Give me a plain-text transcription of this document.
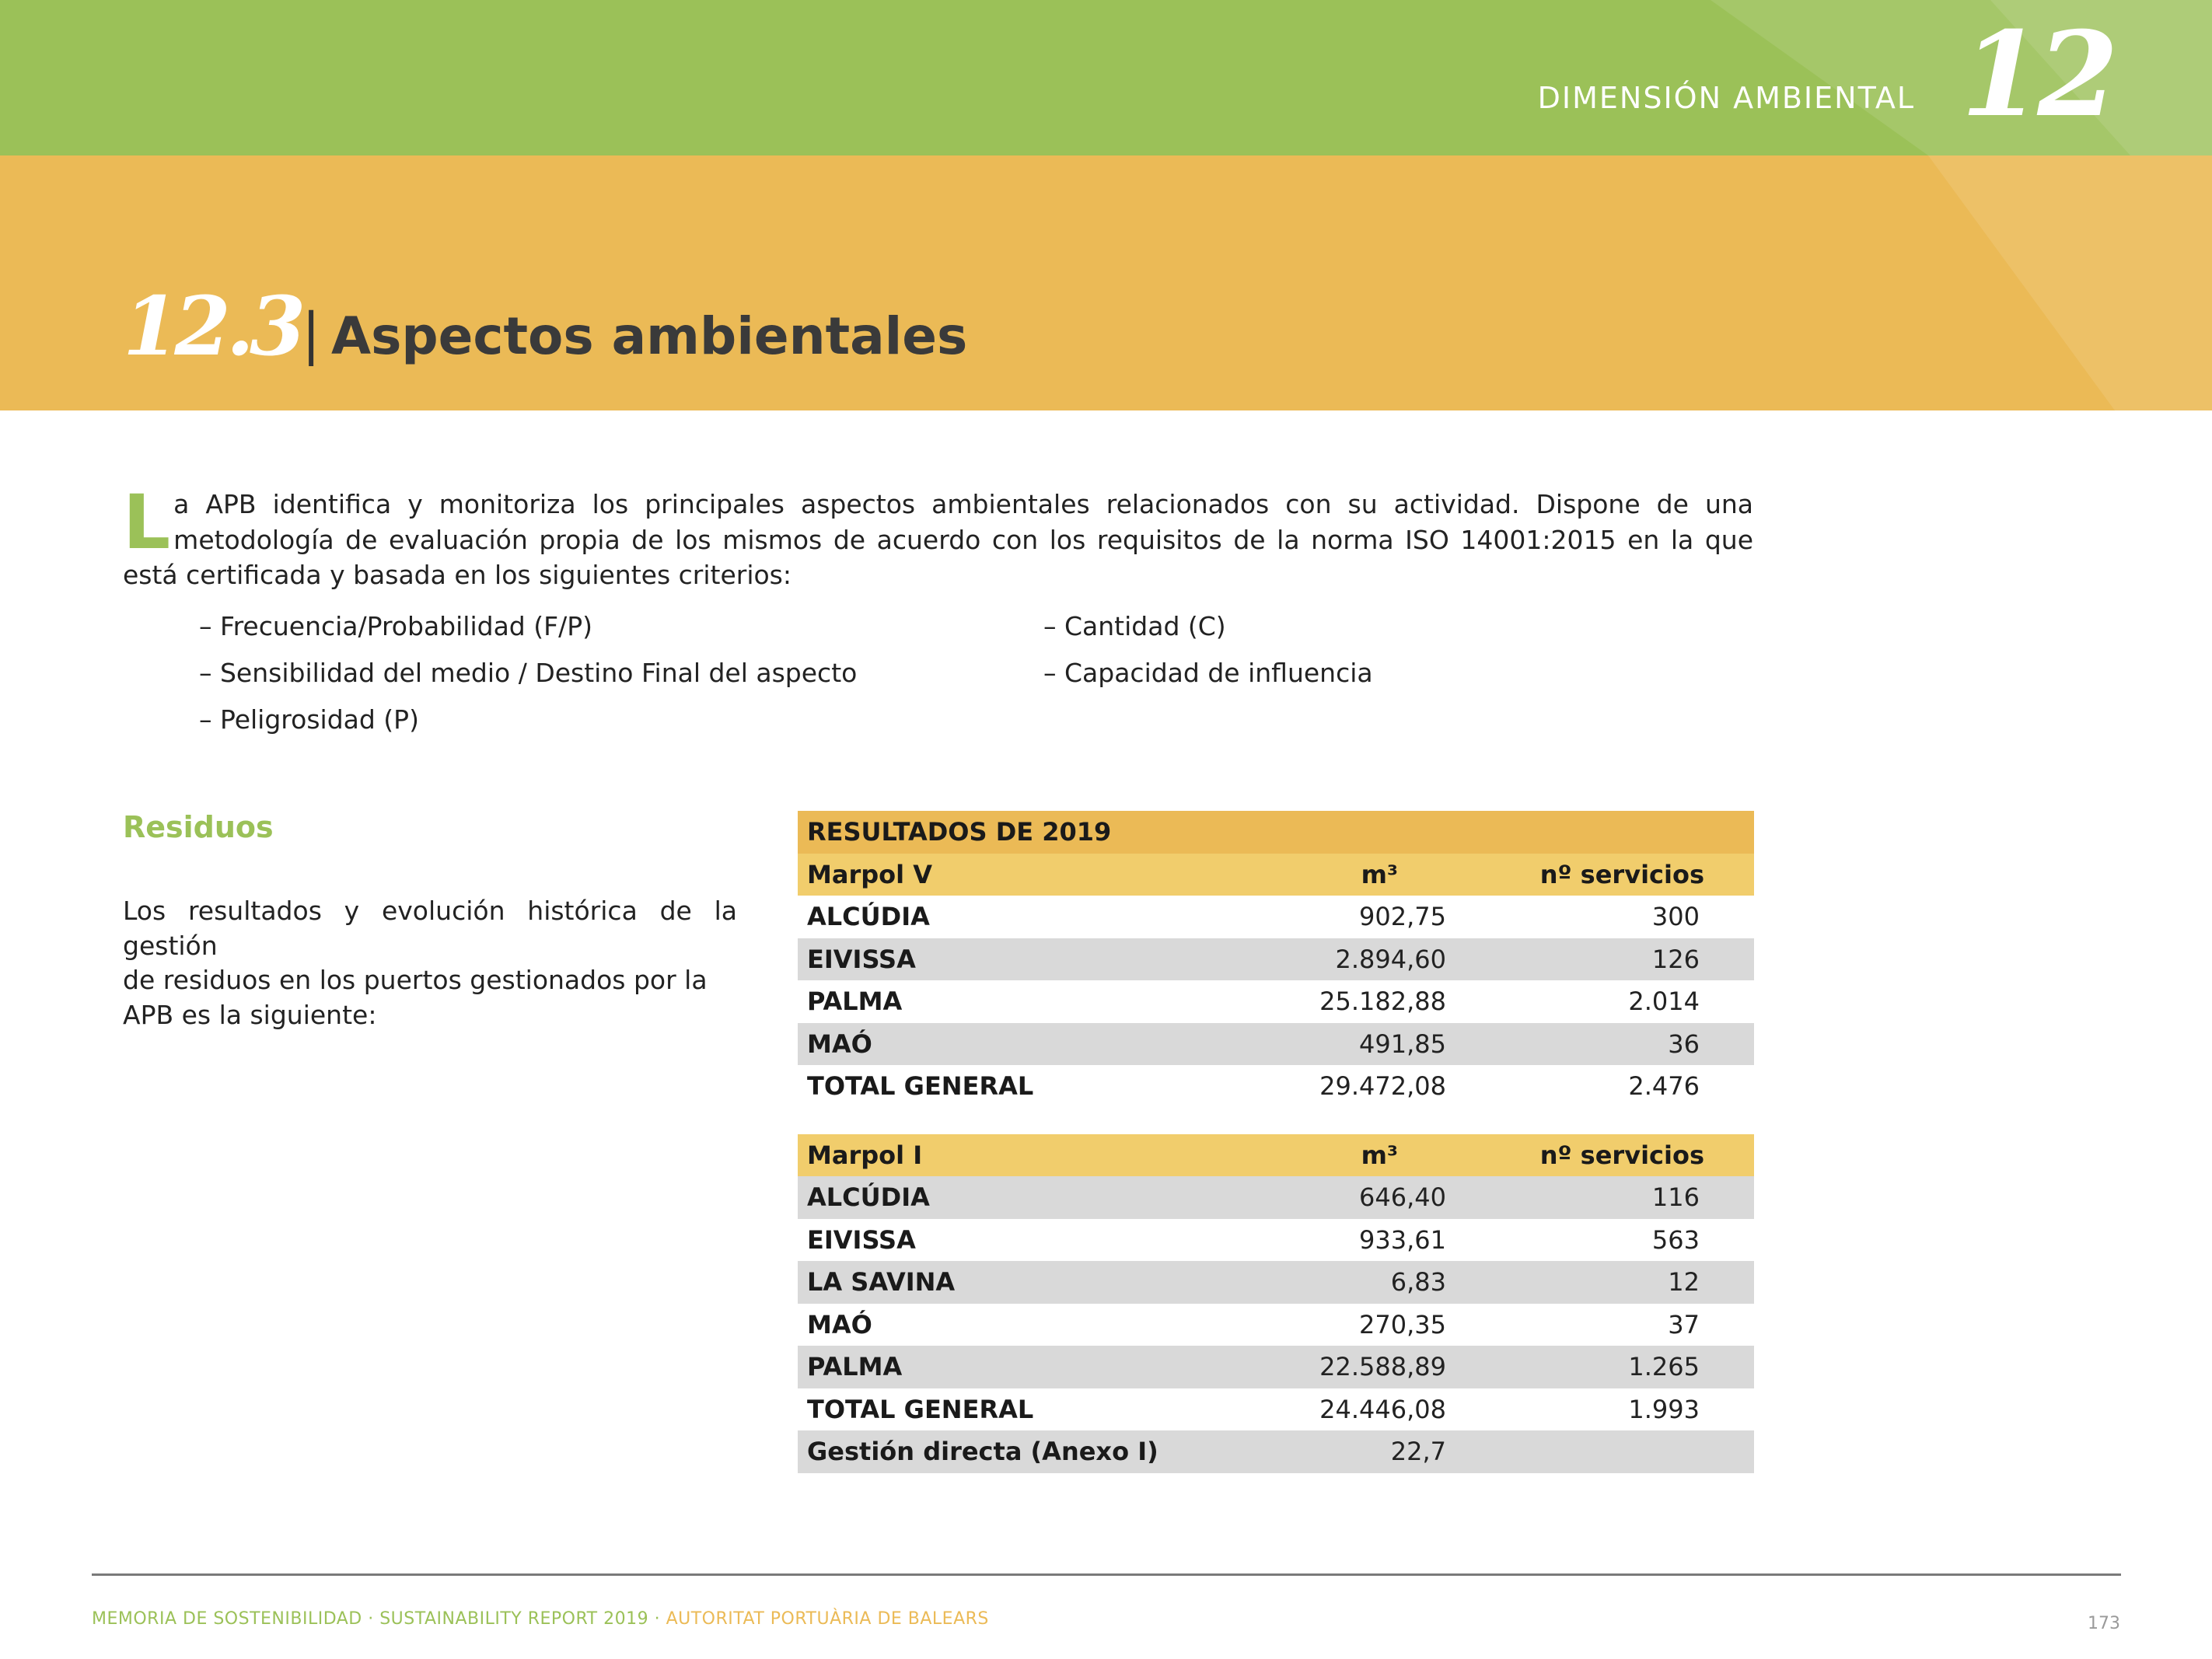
DIMENSIÓN AMBIENTAL 12
12.3 | Aspectos ambientales
L a APB identifica y monitoriza los principales aspectos ambientales relacionados con su actividad. Dispone de una metodología de evaluación propia de los mismos de acuerdo con los requisitos de la norma ISO 14001:2015 en la que está certificada y basada en los siguientes criterios:

– Frecuencia/Probabilidad (F/P)
– Sensibilidad del medio / Destino Final del aspecto
– Peligrosidad (P)
– Cantidad (C)
– Capacidad de influencia
Residuos
Los resultados y evolución histórica de la gestión
de residuos en los puertos gestionados por la
APB es la siguiente:
RESULTADOS DE 2019
Marpol V	m³	nº servicios
ALCÚDIA	902,75	300
EIVISSA	2.894,60	126
PALMA	25.182,88	2.014
MAÓ	491,85	36
TOTAL GENERAL	29.472,08	2.476
Marpol I	m³	nº servicios
ALCÚDIA	646,40	116
EIVISSA	933,61	563
LA SAVINA	6,83	12
MAÓ	270,35	37
PALMA	22.588,89	1.265
TOTAL GENERAL	24.446,08	1.993
Gestión directa (Anexo I)	22,7
MEMORIA DE SOSTENIBILIDAD · SUSTAINABILITY REPORT 2019 · AUTORITAT PORTUÀRIA DE BALEARS	173
